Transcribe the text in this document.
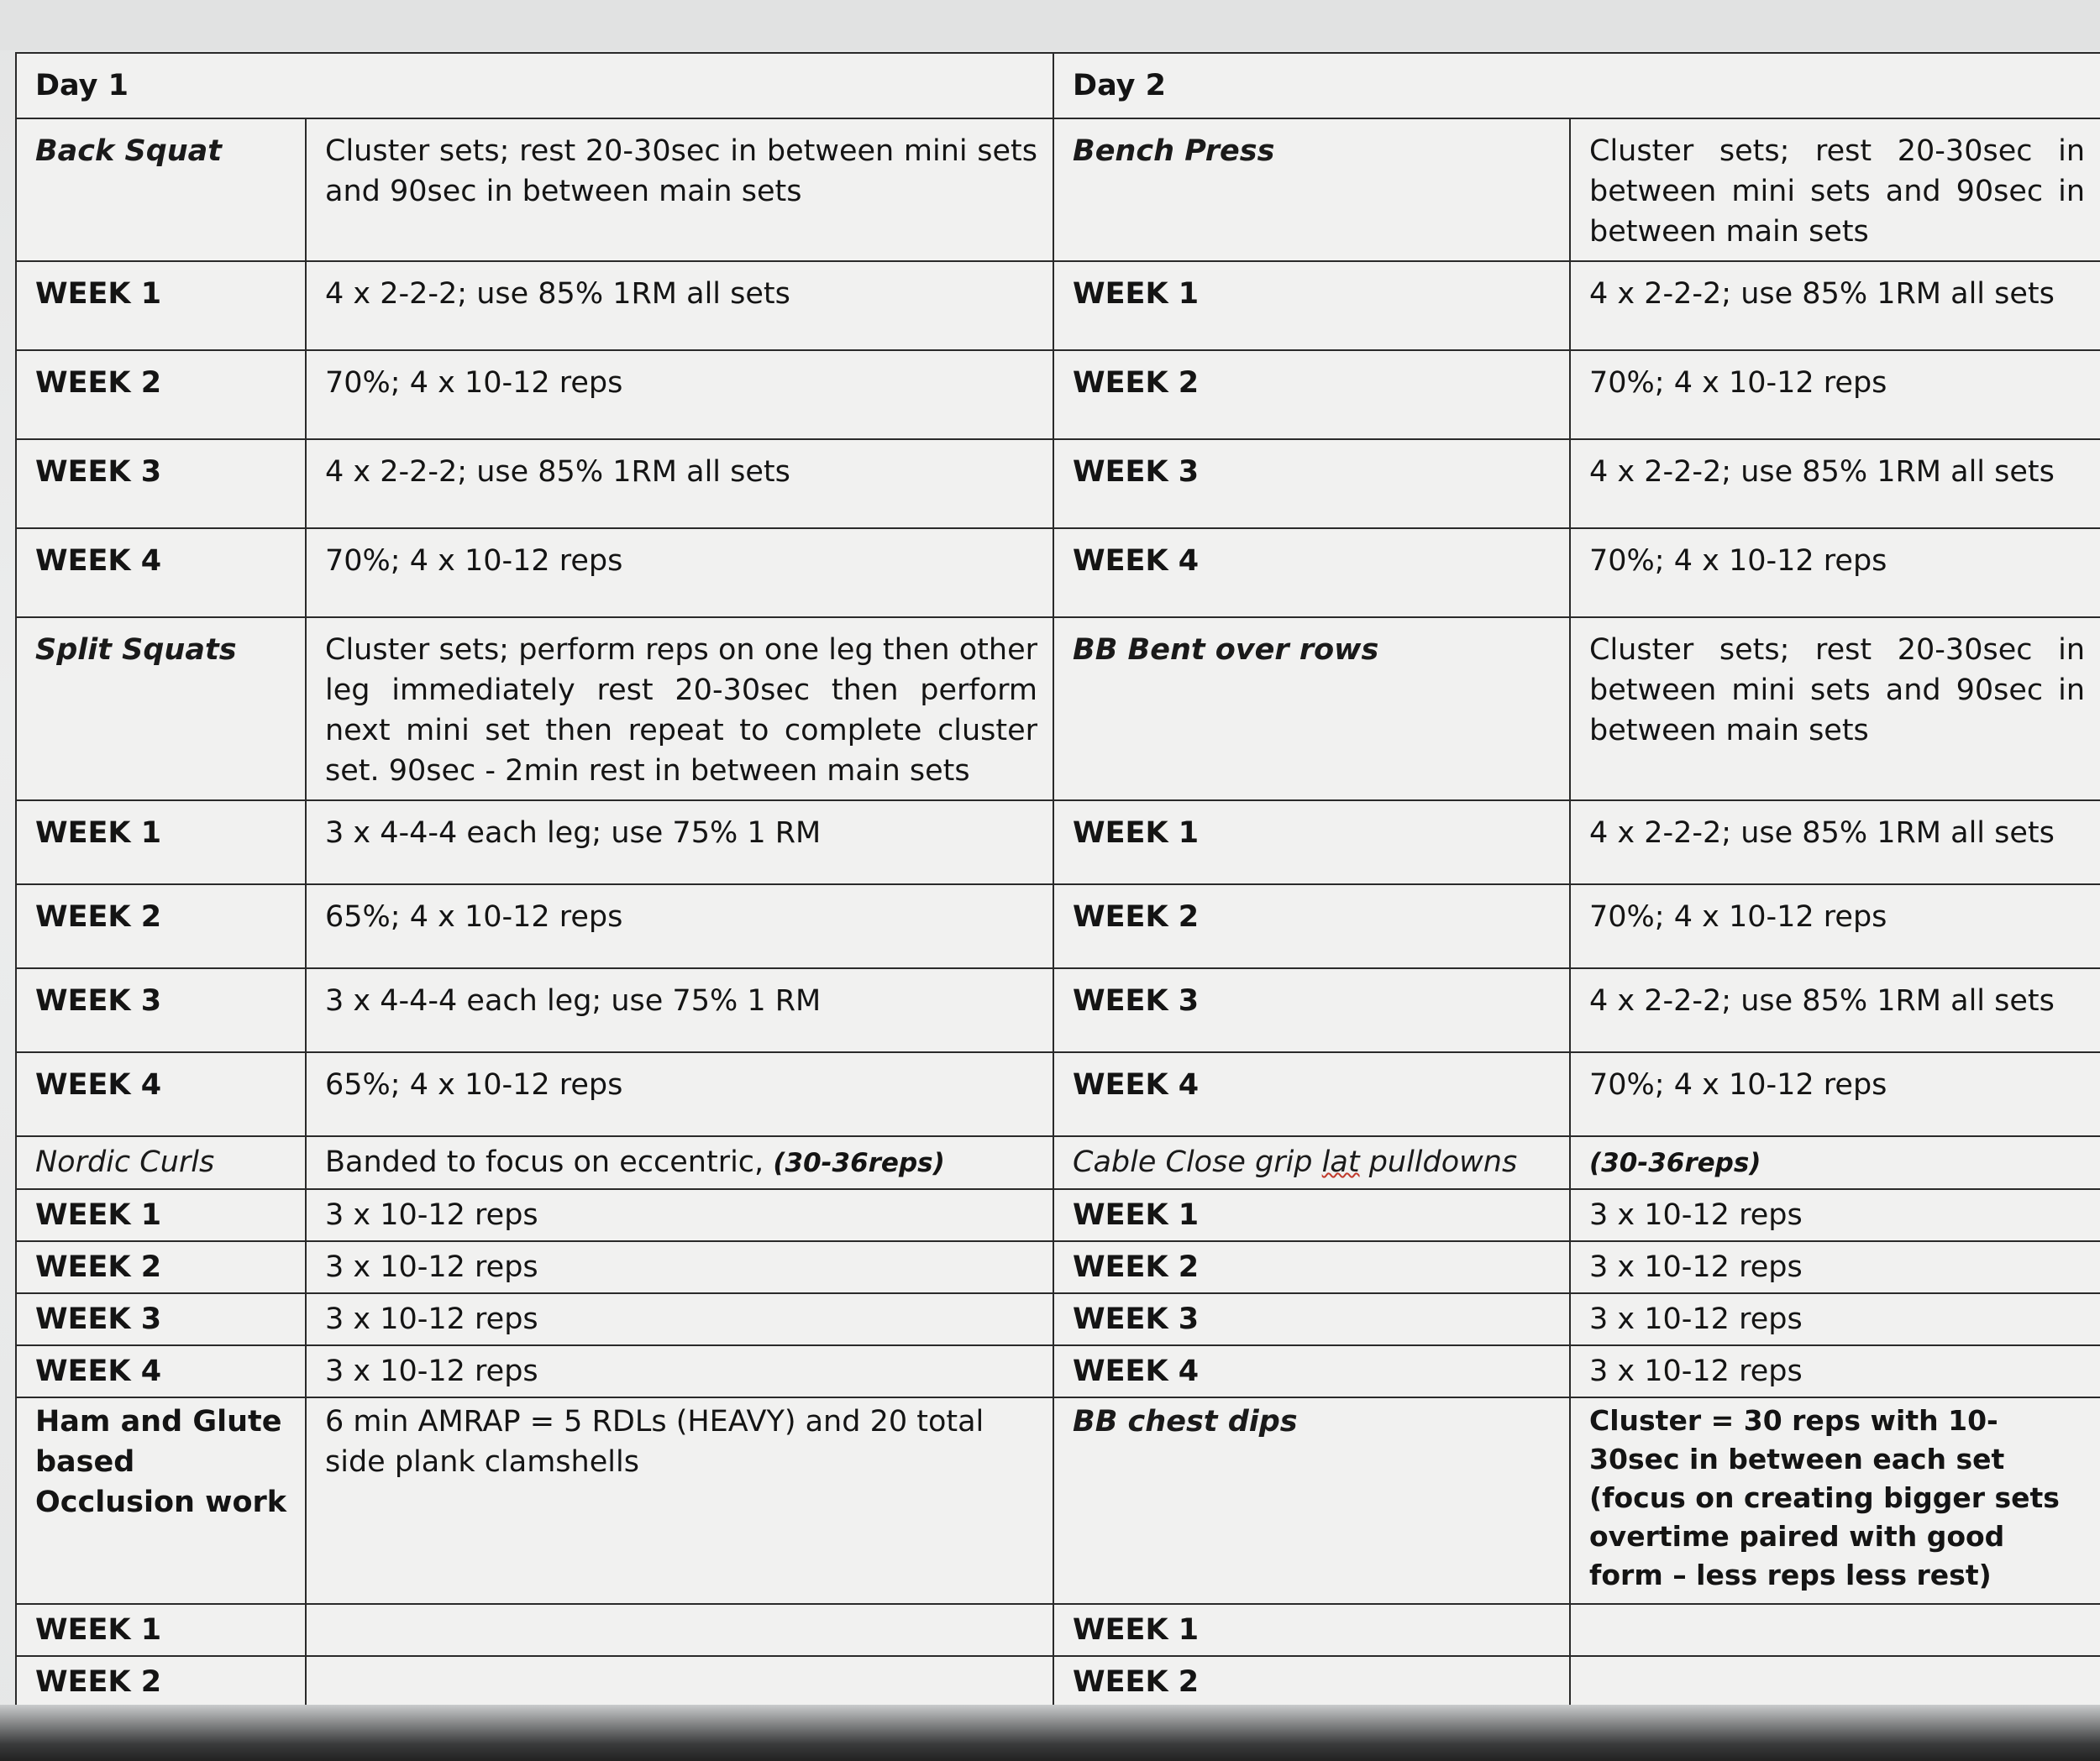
Day 1		Day 2	
Back Squat	Cluster sets; rest 20-30sec in between mini sets and 90sec in between main sets	Bench Press	Cluster sets; rest 20-30sec in between mini sets and 90sec in between main sets
WEEK 1	4 x 2-2-2; use 85% 1RM all sets	WEEK 1	4 x 2-2-2; use 85% 1RM all sets
WEEK 2	70%; 4 x 10-12 reps	WEEK 2	70%; 4 x 10-12 reps
WEEK 3	4 x 2-2-2; use 85% 1RM all sets	WEEK 3	4 x 2-2-2; use 85% 1RM all sets
WEEK 4	70%; 4 x 10-12 reps	WEEK 4	70%; 4 x 10-12 reps
Split Squats	Cluster sets; perform reps on one leg then other leg immediately rest 20-30sec then perform next mini set then repeat to complete cluster set. 90sec - 2min rest in between main sets	BB Bent over rows	Cluster sets; rest 20-30sec in between mini sets and 90sec in between main sets
WEEK 1	3 x 4-4-4 each leg; use 75% 1 RM	WEEK 1	4 x 2-2-2; use 85% 1RM all sets
WEEK 2	65%; 4 x 10-12 reps	WEEK 2	70%; 4 x 10-12 reps
WEEK 3	3 x 4-4-4 each leg; use 75% 1 RM	WEEK 3	4 x 2-2-2; use 85% 1RM all sets
WEEK 4	65%; 4 x 10-12 reps	WEEK 4	70%; 4 x 10-12 reps
Nordic Curls	Banded to focus on eccentric, (30-36reps)	Cable Close grip lat pulldowns	(30-36reps)
WEEK 1	3 x 10-12 reps	WEEK 1	3 x 10-12 reps
WEEK 2	3 x 10-12 reps	WEEK 2	3 x 10-12 reps
WEEK 3	3 x 10-12 reps	WEEK 3	3 x 10-12 reps
WEEK 4	3 x 10-12 reps	WEEK 4	3 x 10-12 reps
Ham and Glute based Occlusion work	6 min AMRAP = 5 RDLs (HEAVY) and 20 total side plank clamshells	BB chest dips	Cluster = 30 reps with 10-30sec in between each set (focus on creating bigger sets overtime paired with good form – less reps less rest)
WEEK 1		WEEK 1	
WEEK 2		WEEK 2	
